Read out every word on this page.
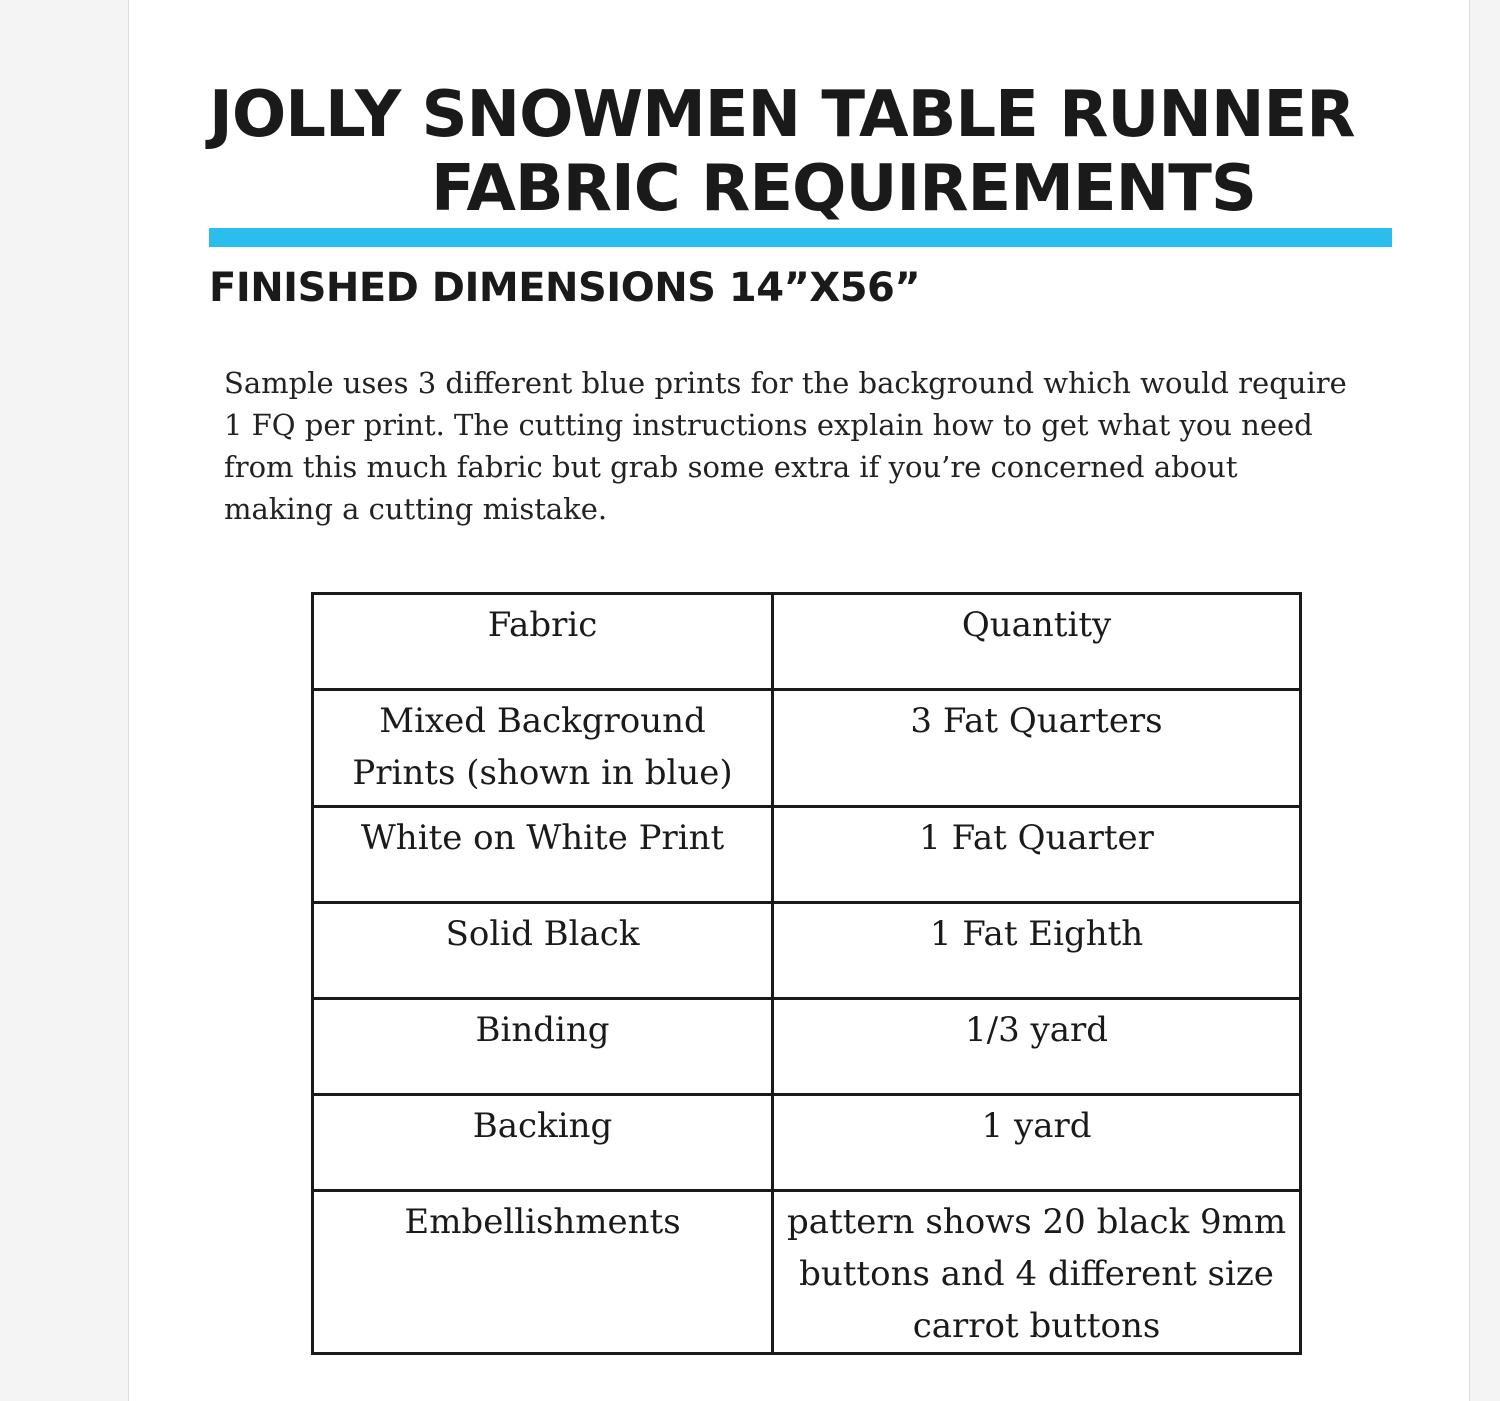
JOLLY SNOWMEN TABLE RUNNER
FABRIC REQUIREMENTS
FINISHED DIMENSIONS 14”X56”

Sample uses 3 different blue prints for the background which would require 1 FQ per print. The cutting instructions explain how to get what you need from this much fabric but grab some extra if you’re concerned about making a cutting mistake.

Fabric	Quantity
Mixed Background Prints (shown in blue)	3 Fat Quarters
White on White Print	1 Fat Quarter
Solid Black	1 Fat Eighth
Binding	1/3 yard
Backing	1 yard
Embellishments	pattern shows 20 black 9mm buttons and 4 different size carrot buttons
